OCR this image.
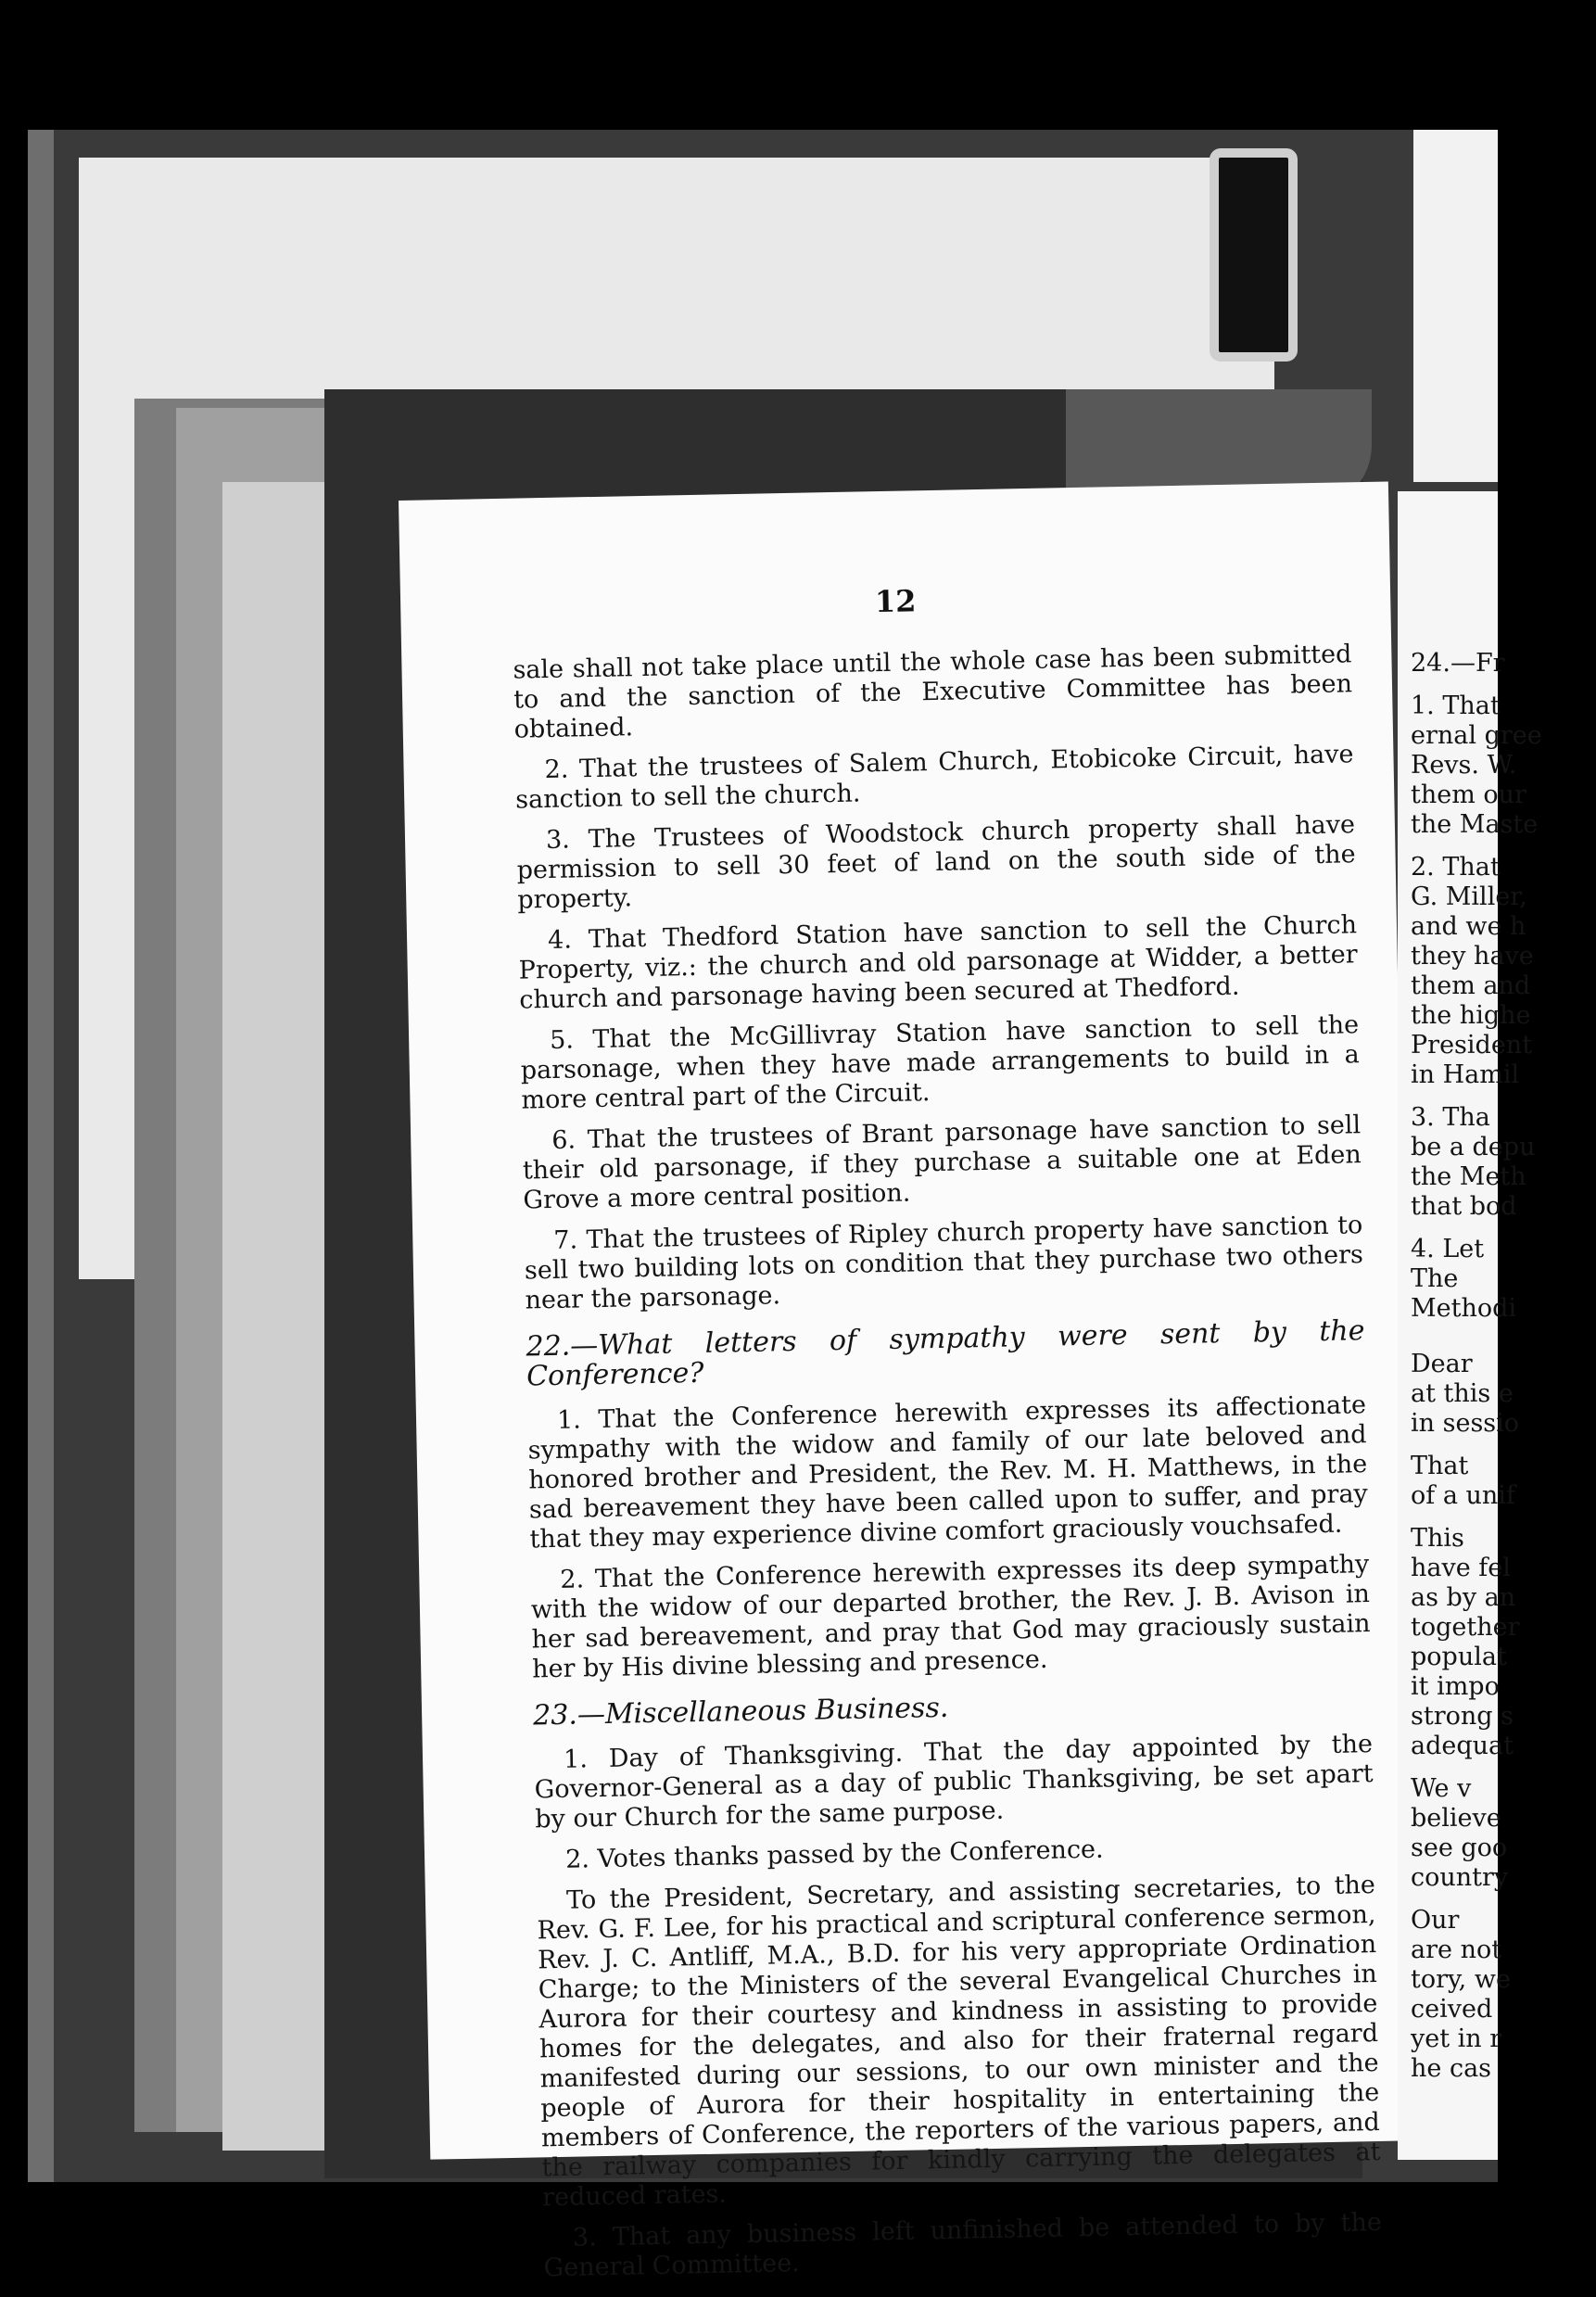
12

sale shall not take place until the whole case has been submitted to and the sanction of the Executive Committee has been obtained.

2. That the trustees of Salem Church, Etobicoke Circuit, have sanction to sell the church.

3. The Trustees of Woodstock church property shall have permission to sell 30 feet of land on the south side of the property.

4. That Thedford Station have sanction to sell the Church Property, viz.: the church and old parsonage at Widder, a better church and parsonage having been secured at Thedford.

5. That the McGillivray Station have sanction to sell the parsonage, when they have made arrangements to build in a more central part of the Circuit.

6. That the trustees of Brant parsonage have sanction to sell their old parsonage, if they purchase a suitable one at Eden Grove a more central position.

7. That the trustees of Ripley church property have sanction to sell two building lots on condition that they purchase two others near the parsonage.

22.—What letters of sympathy were sent by the Conference?

1. That the Conference herewith expresses its affectionate sympathy with the widow and family of our late beloved and honored brother and President, the Rev. M. H. Matthews, in the sad bereavement they have been called upon to suffer, and pray that they may experience divine comfort graciously vouchsafed.

2. That the Conference herewith expresses its deep sympathy with the widow of our departed brother, the Rev. J. B. Avison in her sad bereavement, and pray that God may graciously sustain her by His divine blessing and presence.

23.—Miscellaneous Business.

1. Day of Thanksgiving. That the day appointed by the Governor-General as a day of public Thanksgiving, be set apart by our Church for the same purpose.

2. Votes thanks passed by the Conference.

To the President, Secretary, and assisting secretaries, to the Rev. G. F. Lee, for his practical and scriptural conference sermon, Rev. J. C. Antliff, M.A., B.D. for his very appropriate Ordination Charge; to the Ministers of the several Evangelical Churches in Aurora for their courtesy and kindness in assisting to provide homes for the delegates, and also for their fraternal regard manifested during our sessions, to our own minister and the people of Aurora for their hospitality in entertaining the members of Conference, the reporters of the various papers, and the railway companies for kindly carrying the delegates at reduced rates.

3. That any business left unfinished be attended to by the General Committee.

24.—Fr
1. That
ernal gree
Revs. W.
them our
the Maste
2. That
G. Miller,
and we h
they have
them and
the highe
President
in Hamil
3. Tha
be a depu
the Meth
that bod
4. Let
The
Methodi
Dear
at this e
in sessio
That
of a unif
This
have fel
as by an
together
populat
it impo
strong s
adequat
We v
believe
see goo
country
Our
are not
tory, we
ceived
yet in r
he cas
